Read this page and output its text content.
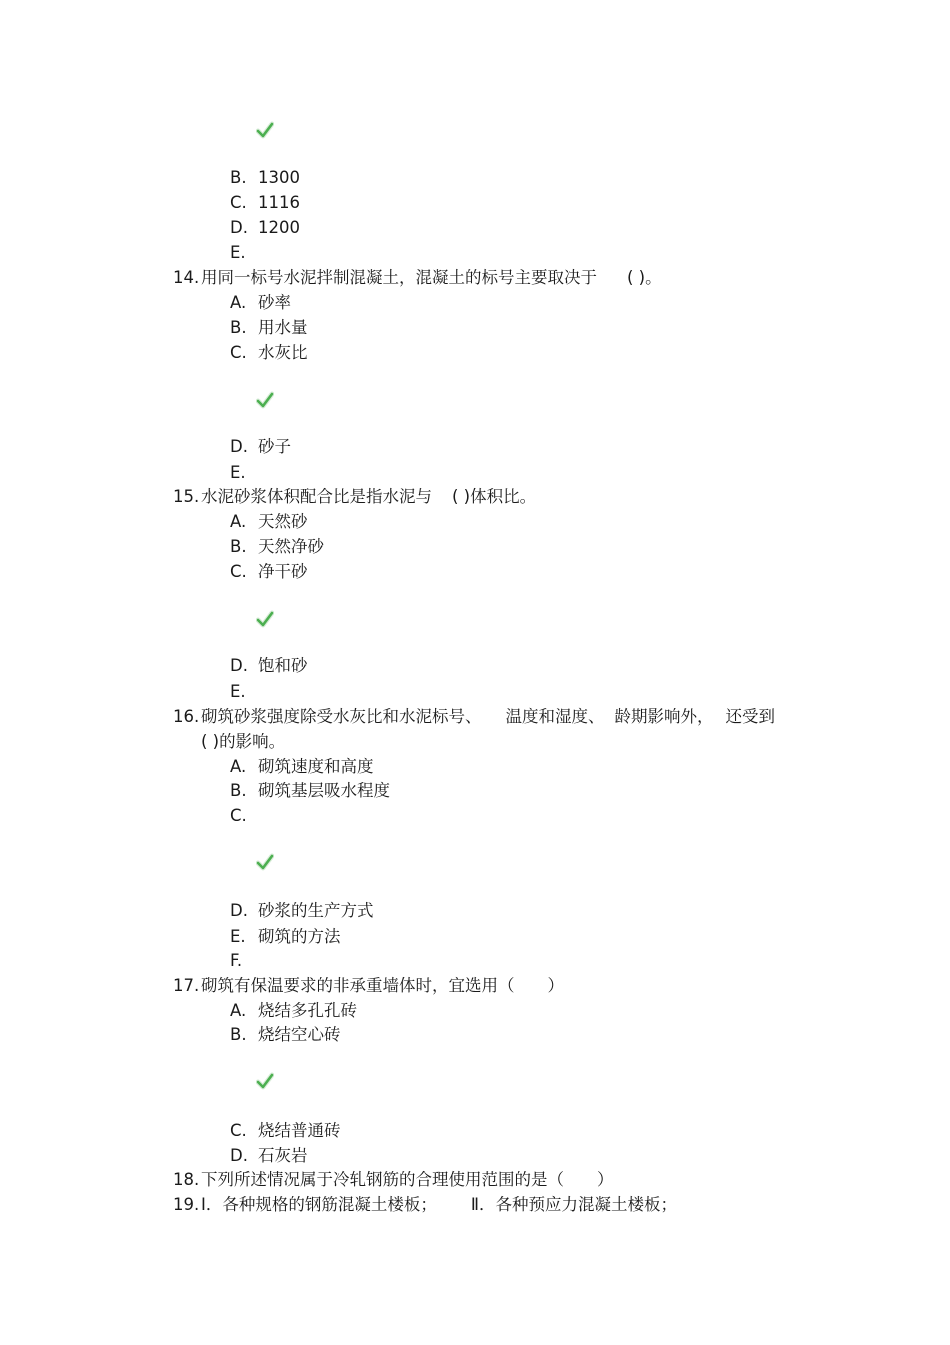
B. 1300
C. 1116
D. 1200
E.
14. 用同一标号水泥拌制混凝土，混凝土的标号主要取决于 ( )。
A. 砂率
B. 用水量
C. 水灰比
D. 砂子
E.
15. 水泥砂浆体积配合比是指水泥与 ( )体积比。
A. 天然砂
B. 天然净砂
C. 净干砂
D. 饱和砂
E.
16. 砌筑砂浆强度除受水灰比和水泥标号、 温度和湿度、 龄期影响外， 还受到
( )的影响。
A. 砌筑速度和高度
B. 砌筑基层吸水程度
C.
D. 砂浆的生产方式
E. 砌筑的方法
F.
17. 砌筑有保温要求的非承重墙体时，宜选用（　　）
A. 烧结多孔孔砖
B. 烧结空心砖
C. 烧结普通砖
D. 石灰岩
18. 下列所述情况属于冷轧钢筋的合理使用范围的是（　　）
19. Ⅰ．各种规格的钢筋混凝土楼板； Ⅱ．各种预应力混凝土楼板；
